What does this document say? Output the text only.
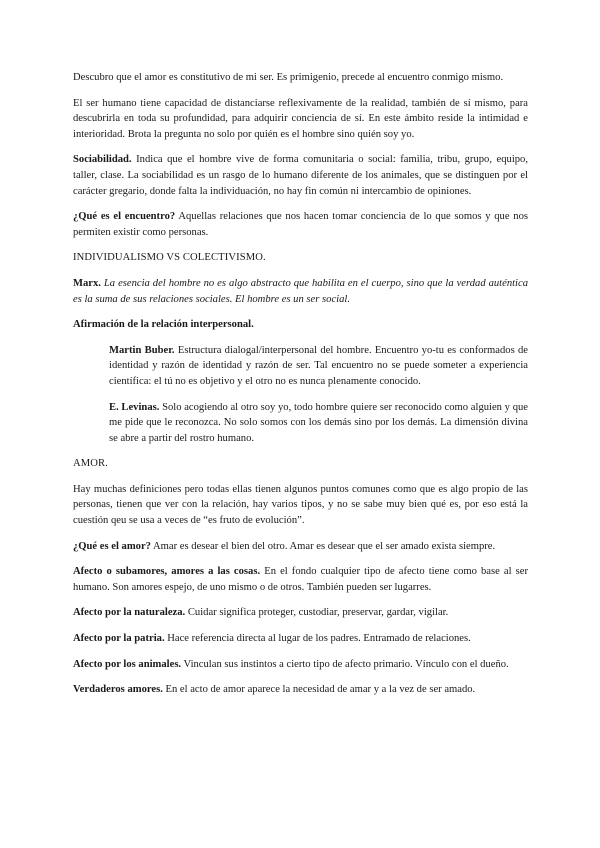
Descubro que el amor es constitutivo de mi ser. Es primigenio, precede al encuentro conmigo mismo.

El ser humano tiene capacidad de distanciarse reflexivamente de la realidad, también de sí mismo, para descubrirla en toda su profundidad, para adquirir conciencia de sí. En este ámbito reside la intimidad e interioridad. Brota la pregunta no solo por quién es el hombre sino quién soy yo.

Sociabilidad. Indica que el hombre vive de forma comunitaria o social: familia, tribu, grupo, equipo, taller, clase. La sociabilidad es un rasgo de lo humano diferente de los animales, que se distinguen por el carácter gregario, donde falta la individuación, no hay fin común ni intercambio de opiniones.

¿Qué es el encuentro? Aquellas relaciones que nos hacen tomar conciencia de lo que somos y que nos permiten existir como personas.

INDIVIDUALISMO VS COLECTIVISMO.

Marx. La esencia del hombre no es algo abstracto que habilita en el cuerpo, sino que la verdad auténtica es la suma de sus relaciones sociales. El hombre es un ser social.

Afirmación de la relación interpersonal.

Martin Buber. Estructura dialogal/interpersonal del hombre. Encuentro yo-tu es conformados de identidad y razón de identidad y razón de ser. Tal encuentro no se puede someter a experiencia científica: el tú no es objetivo y el otro no es nunca plenamente conocido.

E. Levinas. Solo acogiendo al otro soy yo, todo hombre quiere ser reconocido como alguien y que me pide que le reconozca. No solo somos con los demás sino por los demás. La dimensión divina se abre a partir del rostro humano.

AMOR.

Hay muchas definiciones pero todas ellas tienen algunos puntos comunes como que es algo propio de las personas, tienen que ver con la relación, hay varios tipos, y no se sabe muy bien qué es, por eso está la cuestión qeu se usa a veces de “es fruto de evolución”.

¿Qué es el amor? Amar es desear el bien del otro. Amar es desear que el ser amado exista siempre.

Afecto o subamores, amores a las cosas. En el fondo cualquier tipo de afecto tiene como base al ser humano. Son amores espejo, de uno mismo o de otros. También pueden ser lugarres.

Afecto por la naturaleza. Cuidar significa proteger, custodiar, preservar, gardar, vigilar.

Afecto por la patria. Hace referencia directa al lugar de los padres. Entramado de relaciones.

Afecto por los animales. Vinculan sus instintos a cierto tipo de afecto primario. Vínculo con el dueño.

Verdaderos amores. En el acto de amor aparece la necesidad de amar y a la vez de ser amado.
